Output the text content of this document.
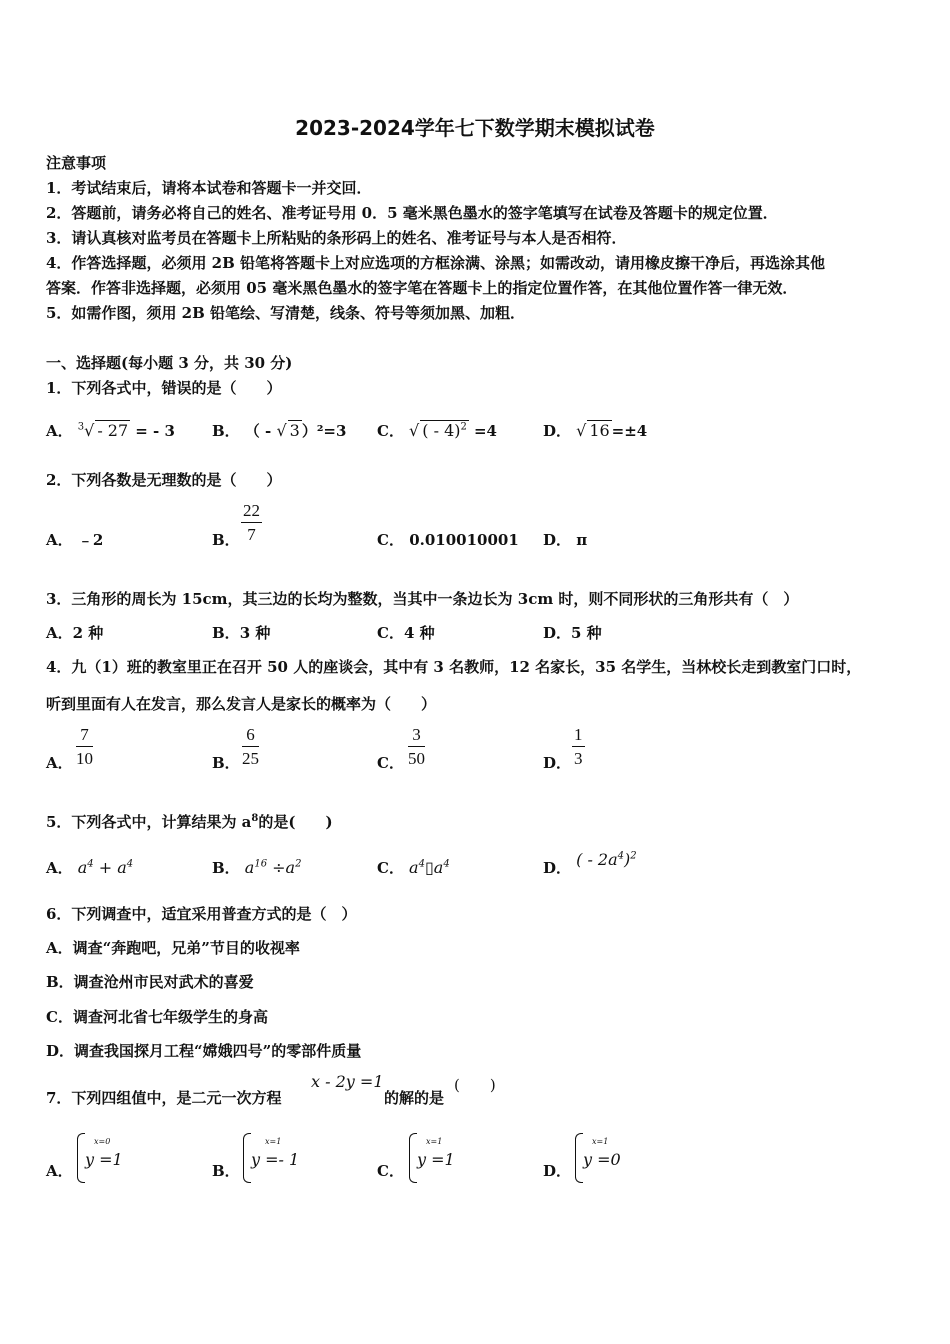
2023-2024学年七下数学期末模拟试卷
注意事项
1．考试结束后，请将本试卷和答题卡一并交回．
2．答题前，请务必将自己的姓名、准考证号用 0．5 毫米黑色墨水的签字笔填写在试卷及答题卡的规定位置．
3．请认真核对监考员在答题卡上所粘贴的条形码上的姓名、准考证号与本人是否相符．
4．作答选择题，必须用 2B 铅笔将答题卡上对应选项的方框涂满、涂黑；如需改动，请用橡皮擦干净后，再选涂其他
答案．作答非选择题，必须用 05 毫米黑色墨水的签字笔在答题卡上的指定位置作答，在其他位置作答一律无效．
5．如需作图，须用 2B 铅笔绘、写清楚，线条、符号等须加黑、加粗．
一、选择题(每小题 3 分，共 30 分)
1．下列各式中，错误的是（　　）
A． $^3$√ - 27 = - 3 B． （ - √ 3 ）²=3 C． √ ( - 4)$^2$ =4	D． √ 16 =±4
2．下列各数是无理数的是（　　）
A． ﹣2	B． $\frac{22}{7}$	C． 0.010010001 D． π
3．三角形的周长为 15cm，其三边的长均为整数，当其中一条边长为 3cm 时，则不同形状的三角形共有（　）
A．2 种	B．3 种	C．4 种	D．5 种
4．九（1）班的教室里正在召开 50 人的座谈会，其中有 3 名教师，12 名家长，35 名学生，当林校长走到教室门口时，
听到里面有人在发言，那么发言人是家长的概率为（　　）
A． $\frac{7}{10}$	B． $\frac{6}{25}$	C． $\frac{3}{50}$	D． $\frac{1}{3}$
5．下列各式中，计算结果为 $a^8$的是(　　)
A． $a^4 + a^4$	B． $a^{16} \div a^2$	C． $a^4▯a^4$	D． ( - $2a^4)^2$
6．下列调查中，适宜采用普查方式的是（　）
A．调查“奔跑吧，兄弟”节目的收视率
B．调查沧州市民对武术的喜爱
C．调查河北省七年级学生的身高
D．调查我国探月工程“嫦娥四号”的零部件质量
7．下列四组值中，是二元一次方程
x - 2y =1
的解的是
(　　)
A．
x=0
y =1
B．
x=1
y =- 1
C．
x=1
y =1
D．
x=1
y =0
